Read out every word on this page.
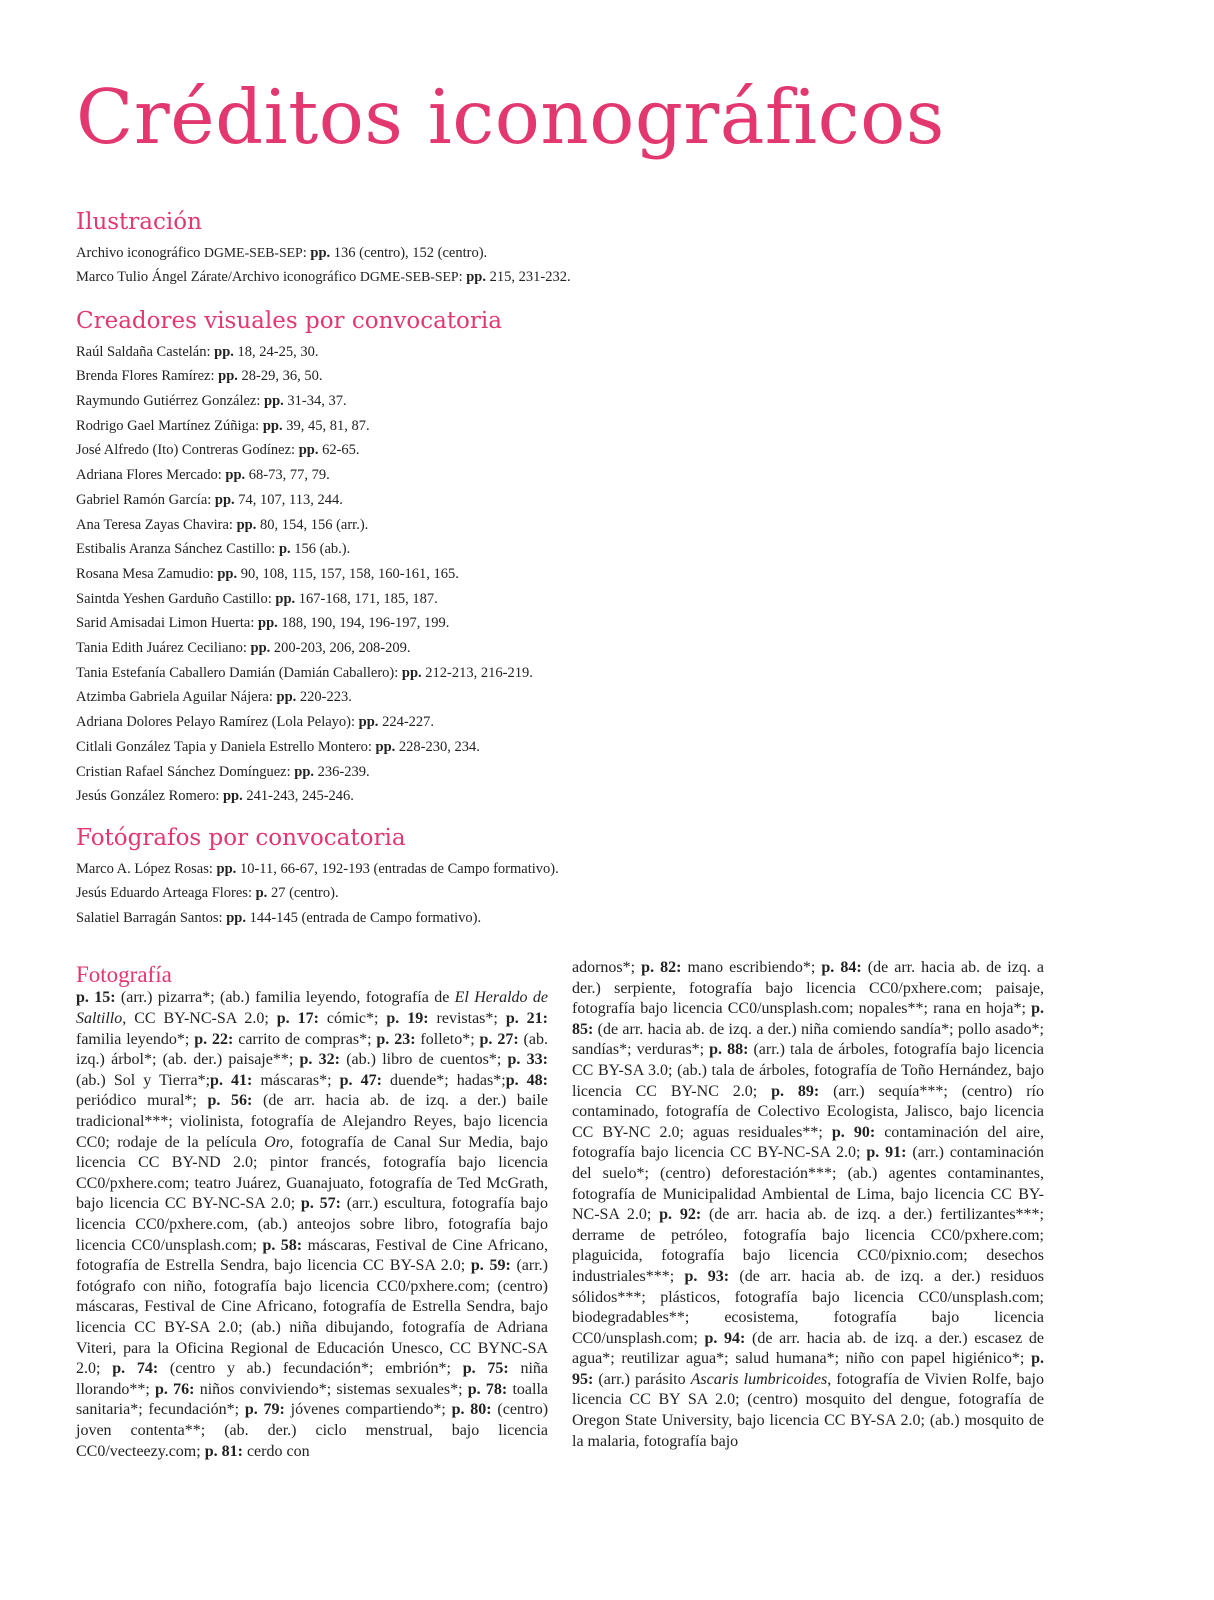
Créditos iconográficos
Ilustración
Archivo iconográfico DGME-SEB-SEP: pp. 136 (centro), 152 (centro).
Marco Tulio Ángel Zárate/Archivo iconográfico DGME-SEB-SEP: pp. 215, 231-232.
Creadores visuales por convocatoria
Raúl Saldaña Castelán: pp. 18, 24-25, 30.
Brenda Flores Ramírez: pp. 28-29, 36, 50.
Raymundo Gutiérrez González: pp. 31-34, 37.
Rodrigo Gael Martínez Zúñiga: pp. 39, 45, 81, 87.
José Alfredo (Ito) Contreras Godínez: pp. 62-65.
Adriana Flores Mercado: pp. 68-73, 77, 79.
Gabriel Ramón García: pp. 74, 107, 113, 244.
Ana Teresa Zayas Chavira: pp. 80, 154, 156 (arr.).
Estibalis Aranza Sánchez Castillo: p. 156 (ab.).
Rosana Mesa Zamudio: pp. 90, 108, 115, 157, 158, 160-161, 165.
Saintda Yeshen Garduño Castillo: pp. 167-168, 171, 185, 187.
Sarid Amisadai Limon Huerta: pp. 188, 190, 194, 196-197, 199.
Tania Edith Juárez Ceciliano: pp. 200-203, 206, 208-209.
Tania Estefanía Caballero Damián (Damián Caballero): pp. 212-213, 216-219.
Atzimba Gabriela Aguilar Nájera: pp. 220-223.
Adriana Dolores Pelayo Ramírez (Lola Pelayo): pp. 224-227.
Citlali González Tapia y Daniela Estrello Montero: pp. 228-230, 234.
Cristian Rafael Sánchez Domínguez: pp. 236-239.
Jesús González Romero: pp. 241-243, 245-246.
Fotógrafos por convocatoria
Marco A. López Rosas: pp. 10-11, 66-67, 192-193 (entradas de Campo formativo).
Jesús Eduardo Arteaga Flores: p. 27 (centro).
Salatiel Barragán Santos: pp. 144-145 (entrada de Campo formativo).
Fotografía
p. 15: (arr.) pizarra*; (ab.) familia leyendo, fotografía de El Heraldo de Saltillo, CC BY-NC-SA 2.0; p. 17: cómic*; p. 19: revistas*; p. 21: familia leyendo*; p. 22: carrito de compras*; p. 23: folleto*; p. 27: (ab. izq.) árbol*; (ab. der.) paisaje**; p. 32: (ab.) libro de cuentos*; p. 33: (ab.) Sol y Tierra*;p. 41: máscaras*; p. 47: duende*; hadas*;p. 48: periódico mural*; p. 56: (de arr. hacia ab. de izq. a der.) baile tradicional***; violinista, fotografía de Alejandro Reyes, bajo licencia CC0; rodaje de la película Oro, fotografía de Canal Sur Media, bajo licencia CC BY-ND 2.0; pintor francés, fotografía bajo licencia CC0/pxhere.com; teatro Juárez, Guanajuato, fotografía de Ted McGrath, bajo licencia CC BY-NC-SA 2.0; p. 57: (arr.) escultura, fotografía bajo licencia CC0/pxhere.com, (ab.) anteojos sobre libro, fotografía bajo licencia CC0/unsplash.com; p. 58: máscaras, Festival de Cine Africano, fotografía de Estrella Sendra, bajo licencia CC BY-SA 2.0; p. 59: (arr.) fotógrafo con niño, fotografía bajo licencia CC0/pxhere.com; (centro) máscaras, Festival de Cine Africano, fotografía de Estrella Sendra, bajo licencia CC BY-SA 2.0; (ab.) niña dibujando, fotografía de Adriana Viteri, para la Oficina Regional de Educación Unesco, CC BYNC-SA 2.0; p. 74: (centro y ab.) fecundación*; embrión*; p. 75: niña llorando**; p. 76: niños conviviendo*; sistemas sexuales*; p. 78: toalla sanitaria*; fecundación*; p. 79: jóvenes compartiendo*; p. 80: (centro) joven contenta**; (ab. der.) ciclo menstrual, bajo licencia CC0/vecteezy.com; p. 81: cerdo con
adornos*; p. 82: mano escribiendo*; p. 84: (de arr. hacia ab. de izq. a der.) serpiente, fotografía bajo licencia CC0/pxhere.com; paisaje, fotografía bajo licencia CC0/unsplash.com; nopales**; rana en hoja*; p. 85: (de arr. hacia ab. de izq. a der.) niña comiendo sandía*; pollo asado*; sandías*; verduras*; p. 88: (arr.) tala de árboles, fotografía bajo licencia CC BY-SA 3.0; (ab.) tala de árboles, fotografía de Toño Hernández, bajo licencia CC BY-NC 2.0; p. 89: (arr.) sequía***; (centro) río contaminado, fotografía de Colectivo Ecologista, Jalisco, bajo licencia CC BY-NC 2.0; aguas residuales**; p. 90: contaminación del aire, fotografía bajo licencia CC BY-NC-SA 2.0; p. 91: (arr.) contaminación del suelo*; (centro) deforestación***; (ab.) agentes contaminantes, fotografía de Municipalidad Ambiental de Lima, bajo licencia CC BY-NC-SA 2.0; p. 92: (de arr. hacia ab. de izq. a der.) fertilizantes***; derrame de petróleo, fotografía bajo licencia CC0/pxhere.com; plaguicida, fotografía bajo licencia CC0/pixnio.com; desechos industriales***; p. 93: (de arr. hacia ab. de izq. a der.) residuos sólidos***; plásticos, fotografía bajo licencia CC0/unsplash.com; biodegradables**; ecosistema, fotografía bajo licencia CC0/unsplash.com; p. 94: (de arr. hacia ab. de izq. a der.) escasez de agua*; reutilizar agua*; salud humana*; niño con papel higiénico*; p. 95: (arr.) parásito Ascaris lumbricoides, fotografía de Vivien Rolfe, bajo licencia CC BY SA 2.0; (centro) mosquito del dengue, fotografía de Oregon State University, bajo licencia CC BY-SA 2.0; (ab.) mosquito de la malaria, fotografía bajo
